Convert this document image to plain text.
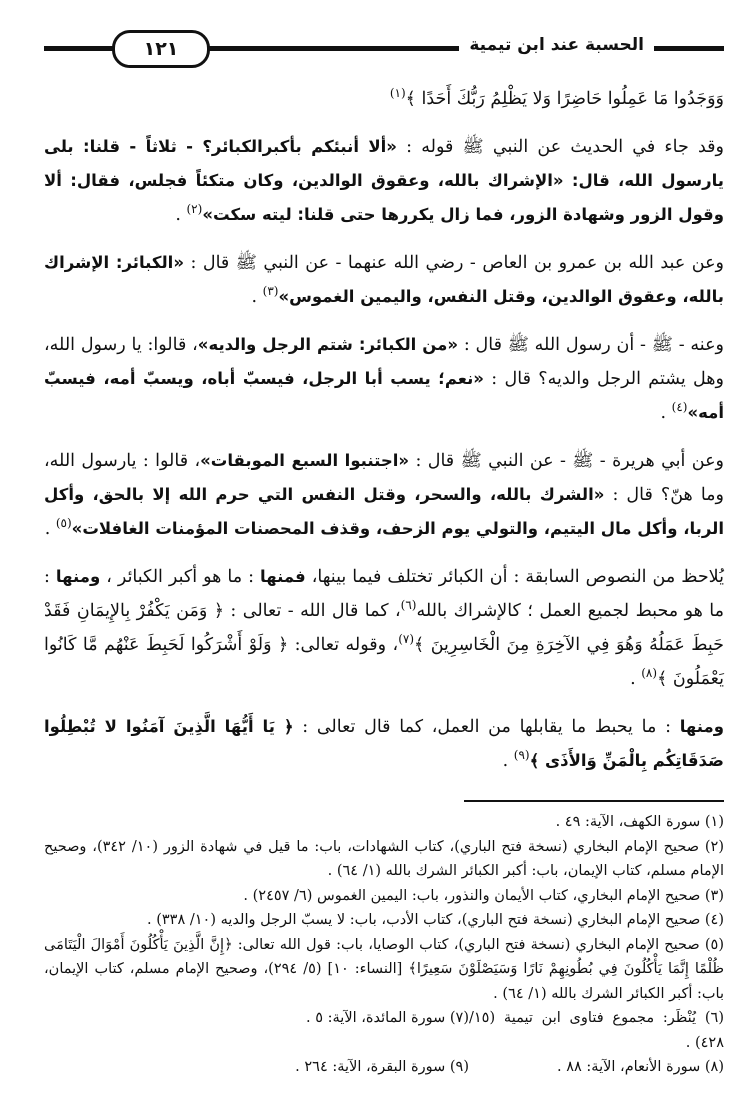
١٢١	الحسبة عند ابن تيمية

وَوَجَدُوا مَا عَمِلُوا حَاضِرًا وَلا يَظْلِمُ رَبُّكَ أَحَدًا ﴾$^{(١)}$

وقد جاء في الحديث عن النبي ﷺ قوله : «ألا أنبئكم بأكبرالكبائر؟ - ثلاثاً - قلنا: بلى يارسول الله، قال: «الإشراك بالله، وعقوق الوالدين، وكان متكئاً فجلس، فقال: ألا وقول الزور وشهادة الزور، فما زال يكررها حتى قلنا: ليته سكت»$^{(٢)}$ .

وعن عبد الله بن عمرو بن العاص - رضي الله عنهما - عن النبي ﷺ قال : «الكبائر: الإشراك بالله، وعقوق الوالدين، وقتل النفس، واليمين الغموس»$^{(٣)}$ .

وعنه - ﷺ - أن رسول الله ﷺ قال : «من الكبائر: شتم الرجل والديه»، قالوا: يا رسول الله، وهل يشتم الرجل والديه؟ قال : «نعم؛ يسب أبا الرجل، فيسبّ أباه، ويسبّ أمه، فيسبّ أمه»$^{(٤)}$ .

وعن أبي هريرة - ﷺ - عن النبي ﷺ قال : «اجتنبوا السبع الموبقات»، قالوا : يارسول الله، وما هنّ؟ قال : «الشرك بالله، والسحر، وقتل النفس التي حرم الله إلا بالحق، وأكل الربا، وأكل مال اليتيم، والتولي يوم الزحف، وقذف المحصنات المؤمنات الغافلات»$^{(٥)}$ .

يُلاحظ من النصوص السابقة : أن الكبائر تختلف فيما بينها، فمنها : ما هو أكبر الكبائر ، ومنها : ما هو محبط لجميع العمل ؛ كالإشراك بالله$^{(٦)}$، كما قال الله - تعالى : ﴿ وَمَن يَكْفُرْ بِالإِيمَانِ فَقَدْ حَبِطَ عَمَلُهُ وَهُوَ فِي الآخِرَةِ مِنَ الْخَاسِرِينَ ﴾$^{(٧)}$، وقوله تعالى: ﴿ وَلَوْ أَشْرَكُوا لَحَبِطَ عَنْهُم مَّا كَانُوا يَعْمَلُونَ ﴾$^{(٨)}$ .

ومنها : ما يحبط ما يقابلها من العمل، كما قال تعالى : ﴿ يَا أَيُّهَا الَّذِينَ آمَنُوا لا تُبْطِلُوا صَدَقَاتِكُم بِالْمَنِّ وَالأَذَى ﴾$^{(٩)}$ .

(١) سورة الكهف، الآية: ٤٩ .

(٢) صحيح الإمام البخاري (نسخة فتح الباري)، كتاب الشهادات، باب: ما قيل في شهادة الزور (١٠/ ٣٤٢)، وصحيح الإمام مسلم، كتاب الإيمان، باب: أكبر الكبائر الشرك بالله (١/ ٦٤) .

(٣) صحيح الإمام البخاري، كتاب الأيمان والنذور، باب: اليمين الغموس (٦/ ٢٤٥٧) .

(٤) صحيح الإمام البخاري (نسخة فتح الباري)، كتاب الأدب، باب: لا يسبّ الرجل والديه (١٠/ ٣٣٨) .

(٥) صحيح الإمام البخاري (نسخة فتح الباري)، كتاب الوصايا، باب: قول الله تعالى: ﴿إِنَّ الَّذِينَ يَأْكُلُونَ أَمْوَالَ الْيَتَامَى ظُلْمًا إِنَّمَا يَأْكُلُونَ فِي بُطُونِهِمْ نَارًا وَسَيَصْلَوْنَ سَعِيرًا﴾ [النساء: ١٠] (٥/ ٢٩٤)، وصحيح الإمام مسلم، كتاب الإيمان، باب: أكبر الكبائر الشرك بالله (١/ ٦٤) .

(٦) يُنْظَر: مجموع فتاوى ابن تيمية (١٥/ ٤٢٨) .
(٧) سورة المائدة، الآية: ٥ .
(٨) سورة الأنعام، الآية: ٨٨ .
(٩) سورة البقرة، الآية: ٢٦٤ .
